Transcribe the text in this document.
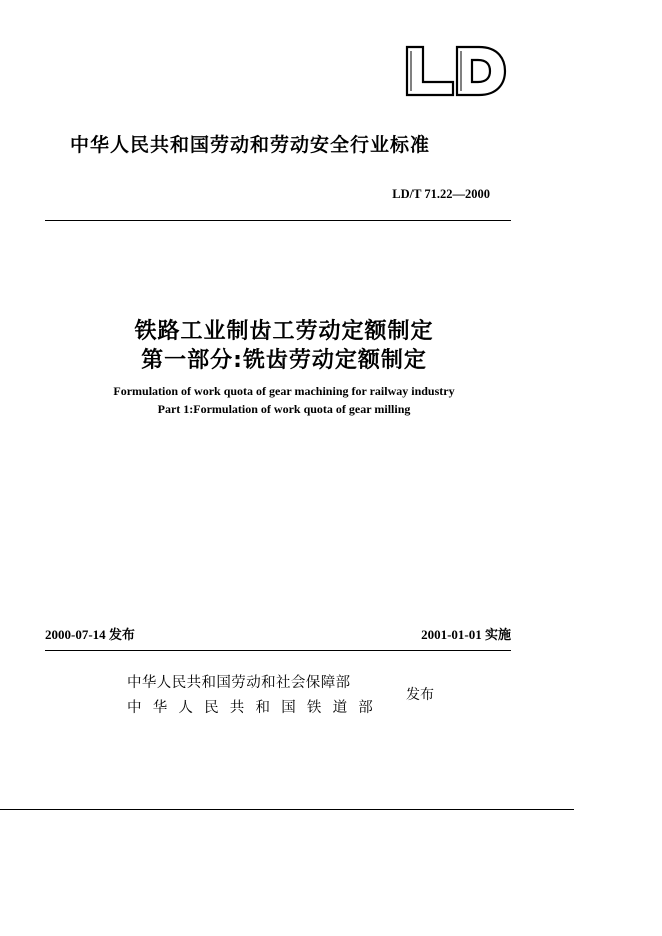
LD
中华人民共和国劳动和劳动安全行业标准
LD/T 71.22—2000
铁路工业制齿工劳动定额制定
第一部分:铣齿劳动定额制定
Formulation of work quota of gear machining for railway industry
Part 1:Formulation of work quota of gear milling
2000-07-14 发布	2001-01-01 实施
中华人民共和国劳动和社会保障部
中华人民共和国铁道部
发布
